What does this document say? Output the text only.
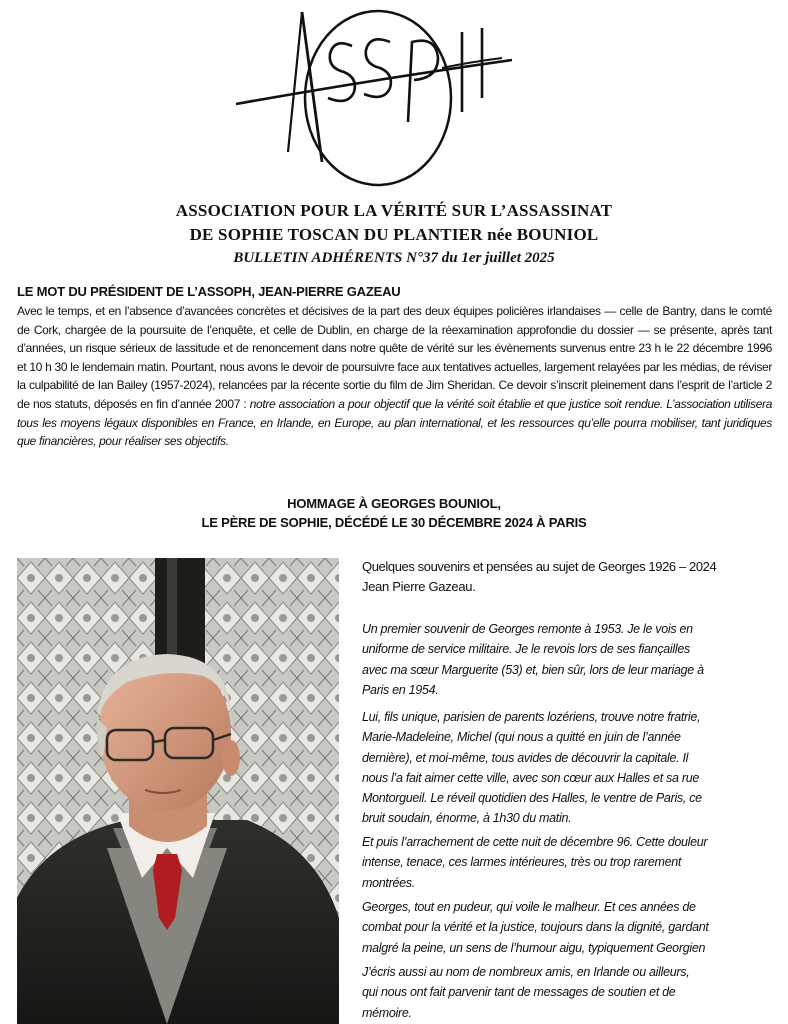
ASSOCIATION POUR LA VÉRITÉ SUR L’ASSASSINAT
DE SOPHIE TOSCAN DU PLANTIER née BOUNIOL
BULLETIN ADHÉRENTS N°37 du 1er juillet 2025
LE MOT DU PRÉSIDENT DE L’ASSOPH, JEAN-PIERRE GAZEAU

Avec le temps, et en l’absence d’avancées concrètes et décisives de la part des deux équipes policières irlandaises — celle de Bantry, dans le comté de Cork, chargée de la poursuite de l’enquête, et celle de Dublin, en charge de la réexamination approfondie du dossier — se présente, après tant d’années, un risque sérieux de lassitude et de renoncement dans notre quête de vérité sur les évènements survenus entre 23 h le 22 décembre 1996 et 10 h 30 le lendemain matin. Pourtant, nous avons le devoir de poursuivre face aux tentatives actuelles, largement relayées par les médias, de réviser la culpabilité de Ian Bailey (1957-2024), relancées par la récente sortie du film de Jim Sheridan. Ce devoir s’inscrit pleinement dans l’esprit de l’article 2 de nos statuts, déposés en fin d’année 2007 : notre association a pour objectif que la vérité soit établie et que justice soit rendue. L’association utilisera tous les moyens légaux disponibles en France, en Irlande, en Europe, au plan international, et les ressources qu’elle pourra mobiliser, tant juridiques que financières, pour réaliser ses objectifs.

HOMMAGE À GEORGES BOUNIOL,
LE PÈRE DE SOPHIE, DÉCÉDÉ LE 30 DÉCEMBRE 2024 À PARIS
Quelques souvenirs et pensées au sujet de Georges 1926 – 2024
Jean Pierre Gazeau.
Un premier souvenir de Georges remonte à 1953. Je le vois en
uniforme de service militaire. Je le revois lors de ses fiançailles
avec ma sœur Marguerite (53) et, bien sûr, lors de leur mariage à
Paris en 1954.
Lui, fils unique, parisien de parents lozériens, trouve notre fratrie,
Marie-Madeleine, Michel (qui nous a quitté en juin de l’année
dernière), et moi-même, tous avides de découvrir la capitale. Il
nous l’a fait aimer cette ville, avec son cœur aux Halles et sa rue
Montorgueil. Le réveil quotidien des Halles, le ventre de Paris, ce
bruit soudain, énorme, à 1h30 du matin.
Et puis l’arrachement de cette nuit de décembre 96. Cette douleur
intense, tenace, ces larmes intérieures, très ou trop rarement
montrées.
Georges, tout en pudeur, qui voile le malheur. Et ces années de
combat pour la vérité et la justice, toujours dans la dignité, gardant
malgré la peine, un sens de l’humour aigu, typiquement Georgien
J’écris aussi au nom de nombreux amis, en Irlande ou ailleurs,
qui nous ont fait parvenir tant de messages de soutien et de
mémoire.
